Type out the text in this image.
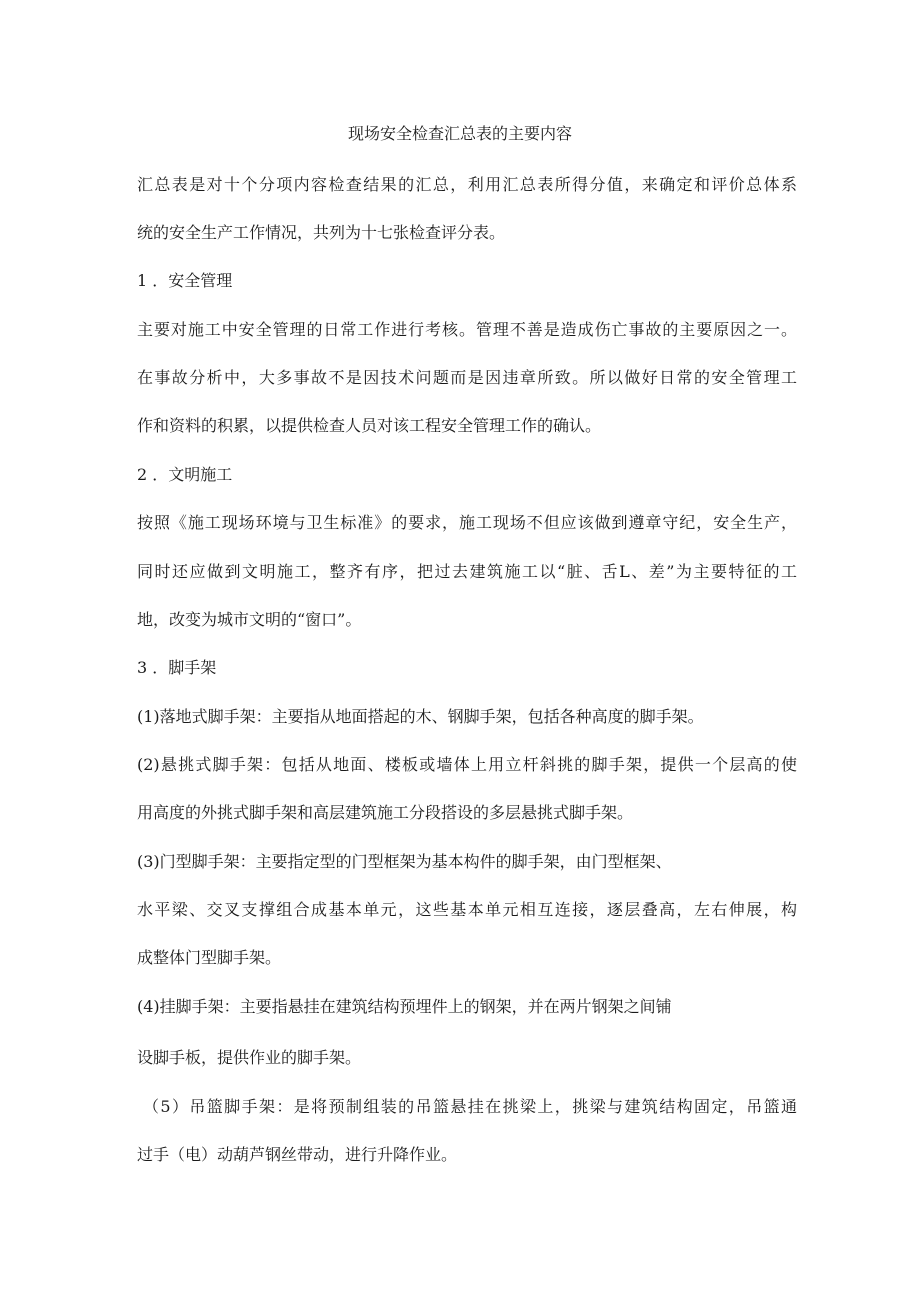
现场安全检查汇总表的主要内容
汇总表是对十个分项内容检查结果的汇总，利用汇总表所得分值，来确定和评价总体系
统的安全生产工作情况，共列为十七张检查评分表。
1 ．安全管理
主要对施工中安全管理的日常工作进行考核。管理不善是造成伤亡事故的主要原因之一。
在事故分析中，大多事故不是因技术问题而是因违章所致。所以做好日常的安全管理工
作和资料的积累，以提供检查人员对该工程安全管理工作的确认。
2 ．文明施工
按照《施工现场环境与卫生标准》的要求，施工现场不但应该做到遵章守纪，安全生产，
同时还应做到文明施工，整齐有序，把过去建筑施工以“脏、舌L、差”为主要特征的工
地，改变为城市文明的“窗口”。
3 ．脚手架
(1)落地式脚手架：主要指从地面搭起的木、钢脚手架，包括各种高度的脚手架。
(2)悬挑式脚手架：包括从地面、楼板或墙体上用立杆斜挑的脚手架，提供一个层高的使
用高度的外挑式脚手架和高层建筑施工分段搭设的多层悬挑式脚手架。
(3)门型脚手架：主要指定型的门型框架为基本构件的脚手架，由门型框架、
水平梁、交叉支撑组合成基本单元，这些基本单元相互连接，逐层叠高，左右伸展，构
成整体门型脚手架。
(4)挂脚手架：主要指悬挂在建筑结构预埋件上的钢架，并在两片钢架之间铺
设脚手板，提供作业的脚手架。
（5）吊篮脚手架：是将预制组装的吊篮悬挂在挑梁上，挑梁与建筑结构固定，吊篮通
过手（电）动葫芦钢丝带动，进行升降作业。
